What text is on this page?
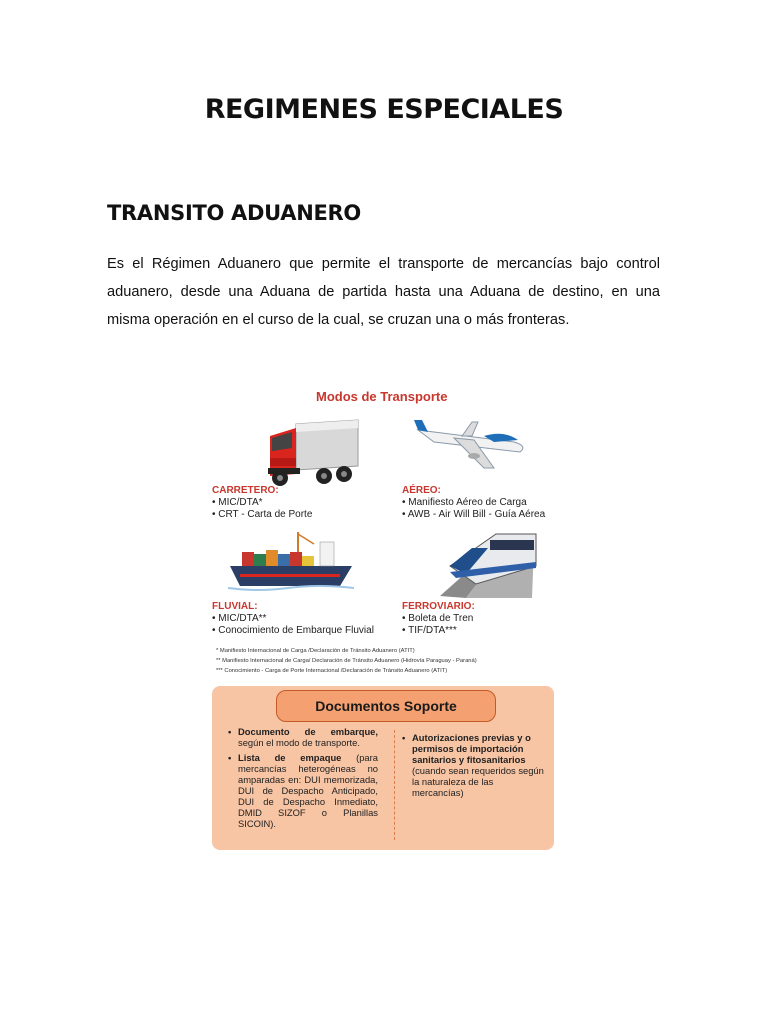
REGIMENES ESPECIALES
TRANSITO ADUANERO

Es el Régimen Aduanero que permite el transporte de mercancías bajo control aduanero, desde una Aduana de partida hasta una Aduana de destino, en una misma operación en el curso de la cual, se cruzan una o más fronteras.

Modos de Transporte
CARRETERO:
• MIC/DTA*
• CRT - Carta de Porte
AÉREO:
• Manifiesto Aéreo de Carga
• AWB - Air Will Bill - Guía Aérea
FLUVIAL:
• MIC/DTA**
• Conocimiento de Embarque Fluvial
FERROVIARIO:
• Boleta de Tren
• TIF/DTA***
* Manifiesto Internacional de Carga /Declaración de Tránsito Aduanero (ATIT)
** Manifiesto Internacional de Carga/ Declaración de Tránsito Aduanero (Hidrovía Paraguay - Paraná)
*** Conocimiento - Carga de Porte Internacional /Declaración de Tránsito Aduanero (ATIT)
Documentos Soporte
• Documento de embarque, según el modo de transporte.
• Lista de empaque (para mercancías heterogéneas no amparadas en: DUI memorizada, DUI de Despacho Anticipado, DUI de Despacho Inmediato, DMID SIZOF o Planillas SICOIN).
• Autorizaciones previas y o permisos de importación sanitarios y fitosanitarios (cuando sean requeridos según la naturaleza de las mercancías)
